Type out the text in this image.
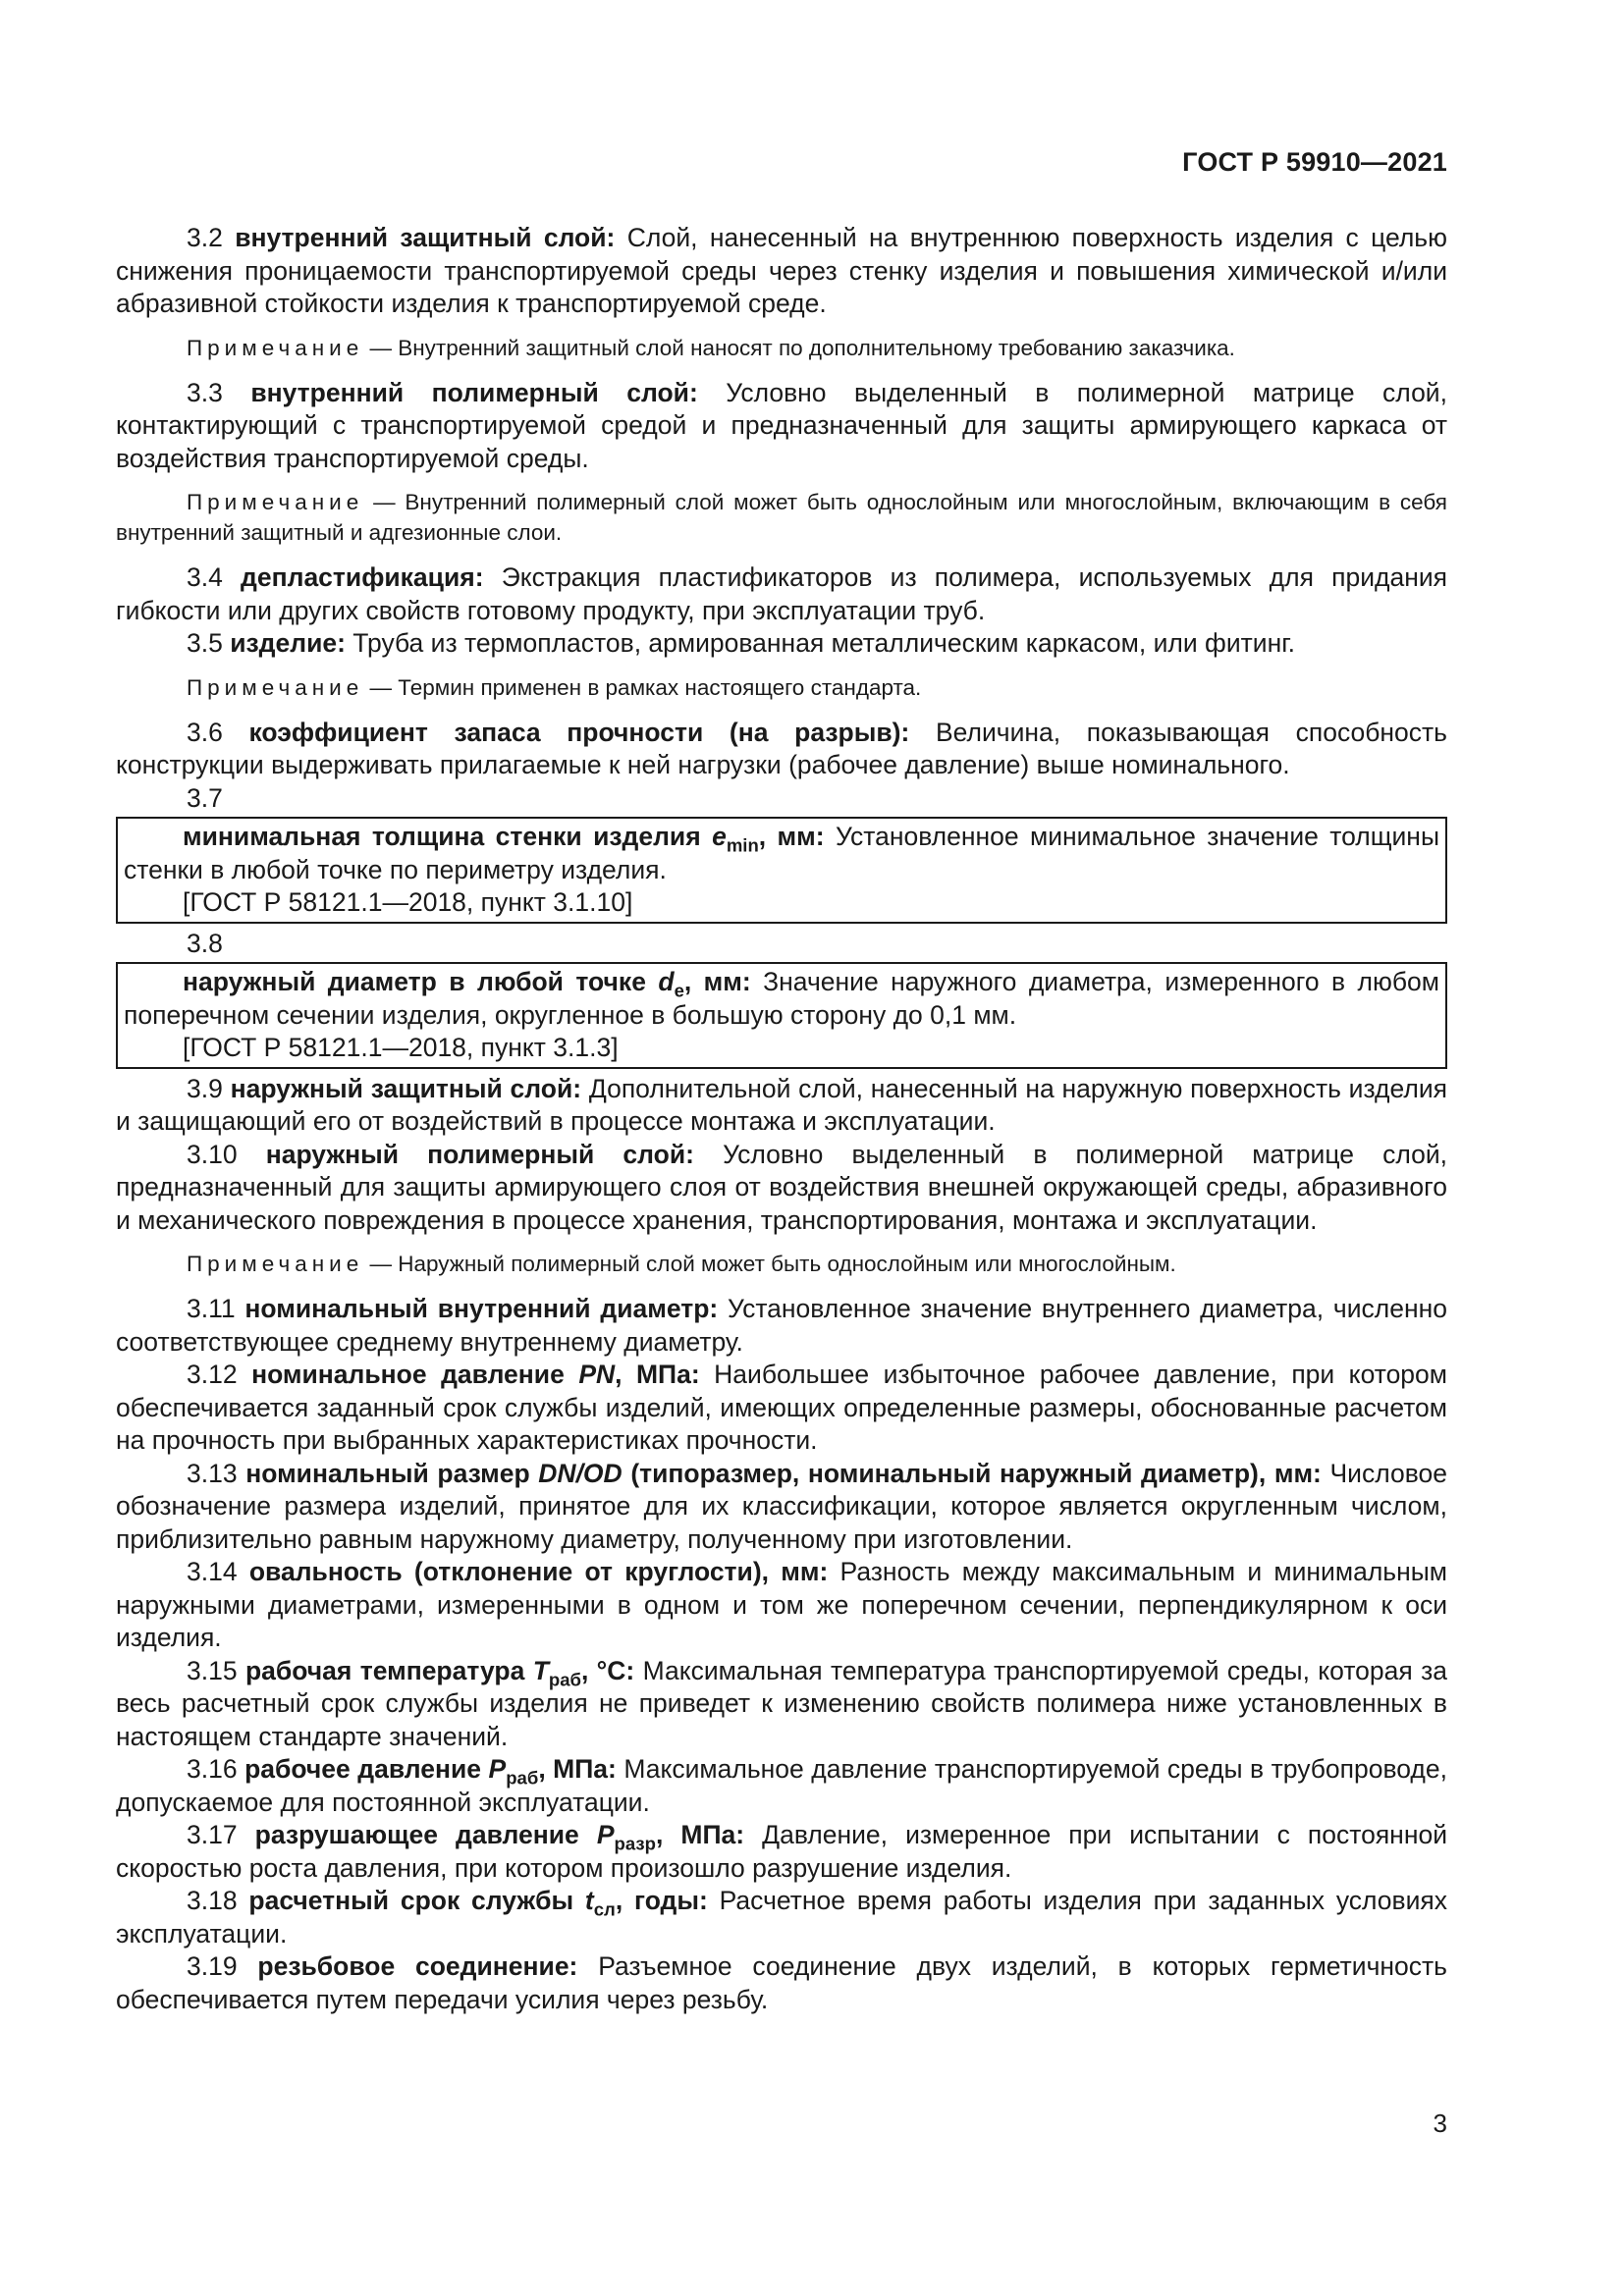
ГОСТ Р 59910—2021

3.2 внутренний защитный слой: Слой, нанесенный на внутреннюю поверхность изделия с целью снижения проницаемости транспортируемой среды через стенку изделия и повышения химической и/или абразивной стойкости изделия к транспортируемой среде.

Примечание — Внутренний защитный слой наносят по дополнительному требованию заказчика.

3.3 внутренний полимерный слой: Условно выделенный в полимерной матрице слой, контактирующий с транспортируемой средой и предназначенный для защиты армирующего каркаса от воздействия транспортируемой среды.

Примечание — Внутренний полимерный слой может быть однослойным или многослойным, включающим в себя внутренний защитный и адгезионные слои.

3.4 депластификация: Экстракция пластификаторов из полимера, используемых для придания гибкости или других свойств готовому продукту, при эксплуатации труб.

3.5 изделие: Труба из термопластов, армированная металлическим каркасом, или фитинг.

Примечание — Термин применен в рамках настоящего стандарта.

3.6 коэффициент запаса прочности (на разрыв): Величина, показывающая способность конструкции выдерживать прилагаемые к ней нагрузки (рабочее давление) выше номинального.

3.7

минимальная толщина стенки изделия $e_{min}$, мм: Установленное минимальное значение толщины стенки в любой точке по периметру изделия.

[ГОСТ Р 58121.1—2018, пункт 3.1.10]
3.8

наружный диаметр в любой точке $d_e$, мм: Значение наружного диаметра, измеренного в любом поперечном сечении изделия, округленное в большую сторону до 0,1 мм.

[ГОСТ Р 58121.1—2018, пункт 3.1.3]

3.9 наружный защитный слой: Дополнительной слой, нанесенный на наружную поверхность изделия и защищающий его от воздействий в процессе монтажа и эксплуатации.

3.10 наружный полимерный слой: Условно выделенный в полимерной матрице слой, предназначенный для защиты армирующего слоя от воздействия внешней окружающей среды, абразивного и механического повреждения в процессе хранения, транспортирования, монтажа и эксплуатации.

Примечание — Наружный полимерный слой может быть однослойным или многослойным.

3.11 номинальный внутренний диаметр: Установленное значение внутреннего диаметра, численно соответствующее среднему внутреннему диаметру.

3.12 номинальное давление PN, МПа: Наибольшее избыточное рабочее давление, при котором обеспечивается заданный срок службы изделий, имеющих определенные размеры, обоснованные расчетом на прочность при выбранных характеристиках прочности.

3.13 номинальный размер DN/OD (типоразмер, номинальный наружный диаметр), мм: Числовое обозначение размера изделий, принятое для их классификации, которое является округленным числом, приблизительно равным наружному диаметру, полученному при изготовлении.

3.14 овальность (отклонение от круглости), мм: Разность между максимальным и минимальным наружными диаметрами, измеренными в одном и том же поперечном сечении, перпендикулярном к оси изделия.

3.15 рабочая температура $T_{раб}$, °С: Максимальная температура транспортируемой среды, которая за весь расчетный срок службы изделия не приведет к изменению свойств полимера ниже установленных в настоящем стандарте значений.

3.16 рабочее давление $P_{раб}$, МПа: Максимальное давление транспортируемой среды в трубопроводе, допускаемое для постоянной эксплуатации.

3.17 разрушающее давление $P_{разр}$, МПа: Давление, измеренное при испытании с постоянной скоростью роста давления, при котором произошло разрушение изделия.

3.18 расчетный срок службы $t_{сл}$, годы: Расчетное время работы изделия при заданных условиях эксплуатации.

3.19 резьбовое соединение: Разъемное соединение двух изделий, в которых герметичность обеспечивается путем передачи усилия через резьбу.

3
